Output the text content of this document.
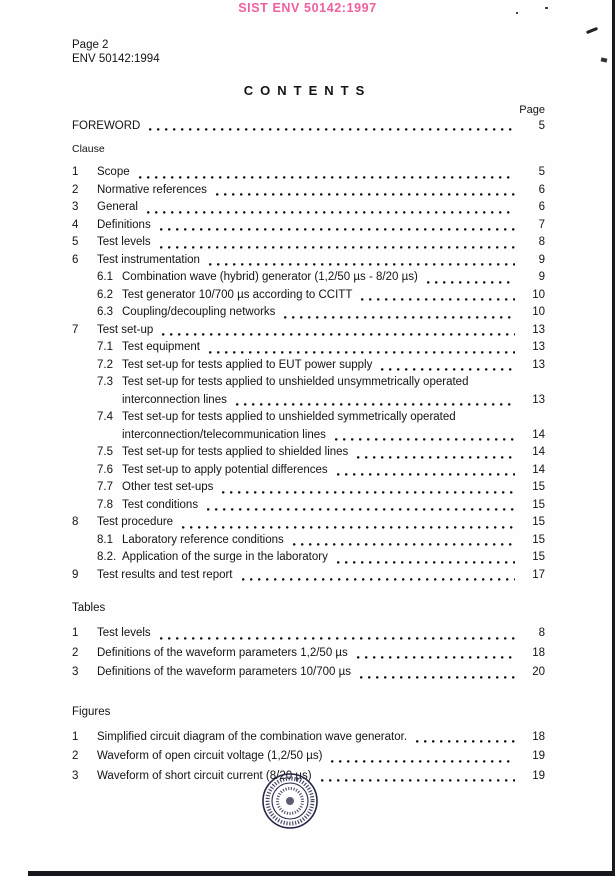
SIST ENV 50142:1997
Page 2
ENV 50142:1994
CONTENTS
Page
FOREWORD	5
Clause
1	Scope	5
2	Normative references	6
3	General	6
4	Definitions	7
5	Test levels	8
6	Test instrumentation	9
6.1 Combination wave (hybrid) generator (1,2/50 µs - 8/20 µs)	9
6.2 Test generator 10/700 µs according to CCITT	10
6.3 Coupling/decoupling networks	10
7	Test set-up	13
7.1 Test equipment	13
7.2 Test set-up for tests applied to EUT power supply	13
7.3 Test set-up for tests applied to unshielded unsymmetrically operated
interconnection lines	13
7.4 Test set-up for tests applied to unshielded symmetrically operated
interconnection/telecommunication lines	14
7.5 Test set-up for tests applied to shielded lines	14
7.6 Test set-up to apply potential differences	14
7.7 Other test set-ups	15
7.8 Test conditions	15
8	Test procedure	15
8.1 Laboratory reference conditions	15
8.2. Application of the surge in the laboratory	15
9	Test results and test report	17
Tables
1	Test levels	8
2	Definitions of the waveform parameters 1,2/50 µs	18
3	Definitions of the waveform parameters 10/700 µs	20
Figures
1	Simplified circuit diagram of the combination wave generator.	18
2	Waveform of open circuit voltage (1,2/50 µs)	19
3	Waveform of short circuit current (8/20 µs)	19
